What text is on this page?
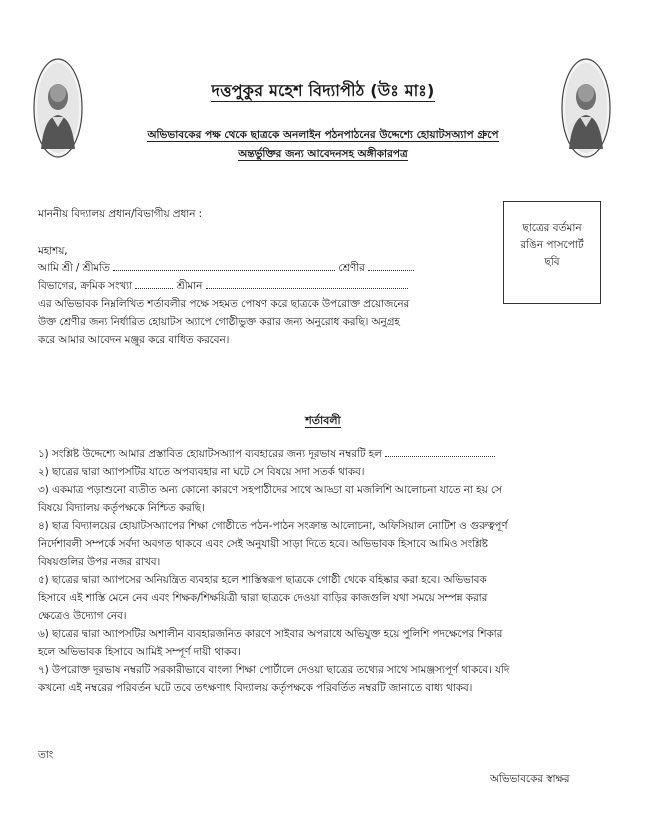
দত্তপুকুর মহেশ বিদ্যাপীঠ (উঃ মাঃ)
অভিভাবকের পক্ষ থেকে ছাত্রকে অনলাইন পঠনপাঠনের উদ্দেশ্যে হোয়াটসঅ্যাপ গ্রুপে
অন্তর্ভুক্তির জন্য আবেদনসহ অঙ্গীকারপত্র
ছাত্রের বর্তমান
রঙিন পাসপোর্ট
ছবি
মাননীয় বিদ্যালয় প্রধান/বিভাগীয় প্রধান :
মহাশয়,
আমি শ্রী / শ্রীমতি	শ্রেণীর
বিভাগের, ক্রমিক সংখ্যা	শ্রীমান
এর অভিভাবক নিম্নলিখিত শর্তাবলীর পক্ষে সহমত পোষণ করে ছাত্রকে উপরোক্ত প্রয়োজনের
উক্ত শ্রেণীর জন্য নির্ধারিত হোয়াটস অ্যাপে গোষ্ঠীভুক্ত করার জন্য অনুরোধ করছি। অনুগ্রহ
করে আমার আবেদন মঞ্জুর করে বাধিত করবেন।
শর্তাবলী
১) সংশ্লিষ্ট উদ্দেশ্যে আমার প্রস্তাবিত হোয়াটসঅ্যাপ ব্যবহারের জন্য দূরভাষ নম্বরটি হল
২) ছাত্রের দ্বারা অ্যাপসটির যাতে অপব্যবহার না ঘটে সে বিষয়ে সদা সতর্ক থাকব।
৩) একমাত্র পড়াশুনো ব্যতীত অন্য কোনো কারণে সহপাঠীদের সাথে আড্ডা বা মজলিশি আলোচনা যাতে না হয় সে
বিষয়ে বিদ্যালয় কর্তৃপক্ষকে নিশ্চিত করছি।
৪) ছাত্র বিদ্যালয়ের হোয়াটসঅ্যাপের শিক্ষা গোষ্ঠীতে পঠন-পাঠন সংক্রান্ত আলোচনা, অফিসিয়াল নোটিশ ও গুরুত্বপূর্ণ
নির্দেশাবলী সম্পর্কে সর্বদা অবগত থাকবে এবং সেই অনুযায়ী সাড়া দিতে হবে। অভিভাবক হিসাবে আমিও সংশ্লিষ্ট
বিষয়গুলির উপর নজর রাখব।
৫) ছাত্রের দ্বারা অ্যাপসের অনিয়ন্ত্রিত ব্যবহার হলে শাস্তিস্বরূপ ছাত্রকে গোষ্ঠী থেকে বহিষ্কার করা হবে। অভিভাবক
হিসাবে এই শাস্তি মেনে নেব এবং শিক্ষক/শিক্ষয়িত্রী দ্বারা ছাত্রকে দেওয়া বাড়ির কাজগুলি যথা সময়ে সম্পন্ন করার
ক্ষেত্রেও উদ্যোগ নেব।
৬) ছাত্রের দ্বারা অ্যাপসটির অশালীন ব্যবহারজনিত কারণে সাইবার অপরাধে অভিযুক্ত হয়ে পুলিশি পদক্ষেপের শিকার
হলে অভিভাবক হিসাবে আমিই সম্পূর্ণ দায়ী থাকব।
৭) উপরোক্ত দূরভাষ নম্বরটি সরকারীভাবে বাংলা শিক্ষা পোর্টালে দেওয়া ছাত্রের তথ্যের সাথে সামঞ্জস্যপূর্ণ থাকবে। যদি
কখনো এই নম্বরের পরিবর্তন ঘটে তবে তৎক্ষণাৎ বিদ্যালয় কর্তৃপক্ষকে পরিবর্তিত নম্বরটি জানাতে বাধ্য থাকব।
তাং
অভিভাবকের স্বাক্ষর
